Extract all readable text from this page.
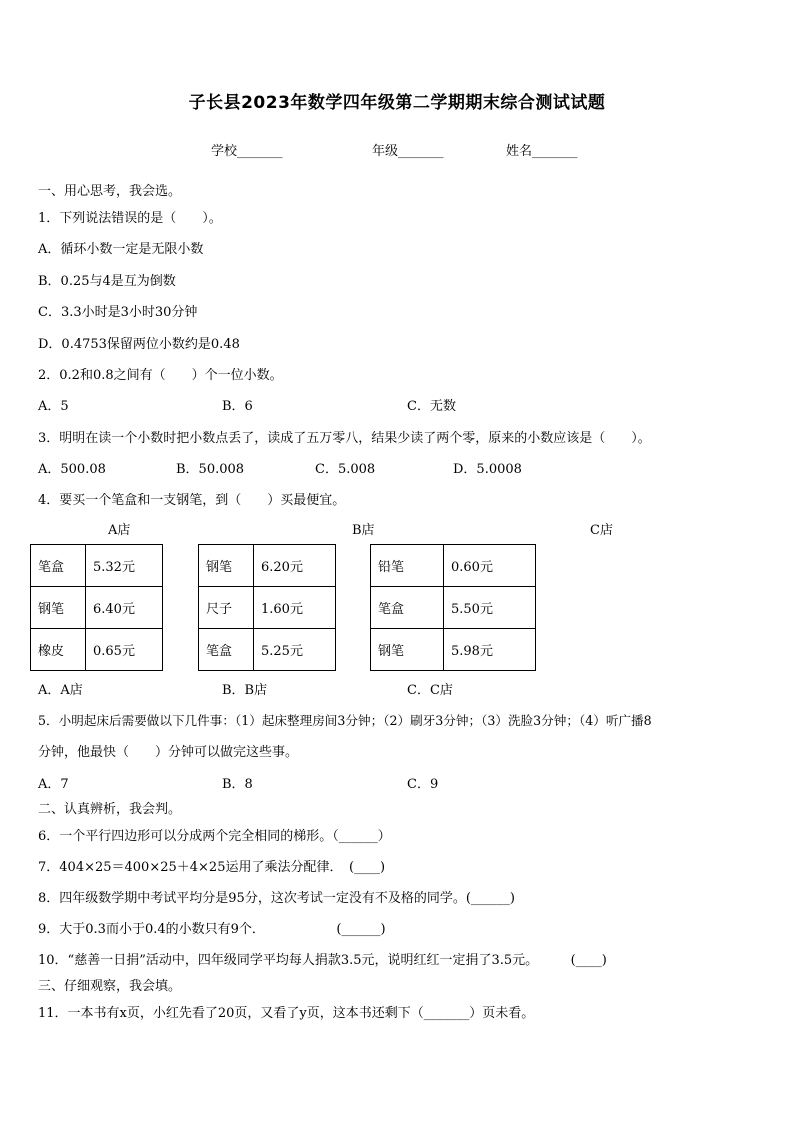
子长县2023年数学四年级第二学期期末综合测试试题
学校_______	年级_______	姓名_______
一、用心思考，我会选。
1．下列说法错误的是（　　）。
A．循环小数一定是无限小数
B．0.25与4是互为倒数
C．3.3小时是3小时30分钟
D．0.4753保留两位小数约是0.48
2．0.2和0.8之间有（　　）个一位小数。
A．5	B．6	C．无数
3．明明在读一个小数时把小数点丢了，读成了五万零八，结果少读了两个零，原来的小数应该是（　　）。
A．500.08	B．50.008	C．5.008	D．5.0008
4．要买一个笔盒和一支钢笔，到（　　）买最便宜。
A店	B店	C店
笔盒	5.32元
钢笔	6.40元
橡皮	0.65元
钢笔	6.20元
尺子	1.60元
笔盒	5.25元
铅笔	0.60元
笔盒	5.50元
钢笔	5.98元
A．A店	B．B店	C．C店
5．小明起床后需要做以下几件事：（1）起床整理房间3分钟；（2）刷牙3分钟；（3）洗脸3分钟；（4）听广播8
分钟，他最快（　　）分钟可以做完这些事。
A．7	B．8	C．9
二、认真辨析，我会判。
6．一个平行四边形可以分成两个完全相同的梯形。（______）
7．404×25＝400×25＋4×25运用了乘法分配律．　(____)
8．四年级数学期中考试平均分是95分，这次考试一定没有不及格的同学。(______)
9．大于0.3而小于0.4的小数只有9个．　　　　　　(______)
10．“慈善一日捐”活动中，四年级同学平均每人捐款3.5元，说明红红一定捐了3.5元。　　　(____)
三、仔细观察，我会填。
11．一本书有x页，小红先看了20页，又看了y页，这本书还剩下（_______）页未看。
